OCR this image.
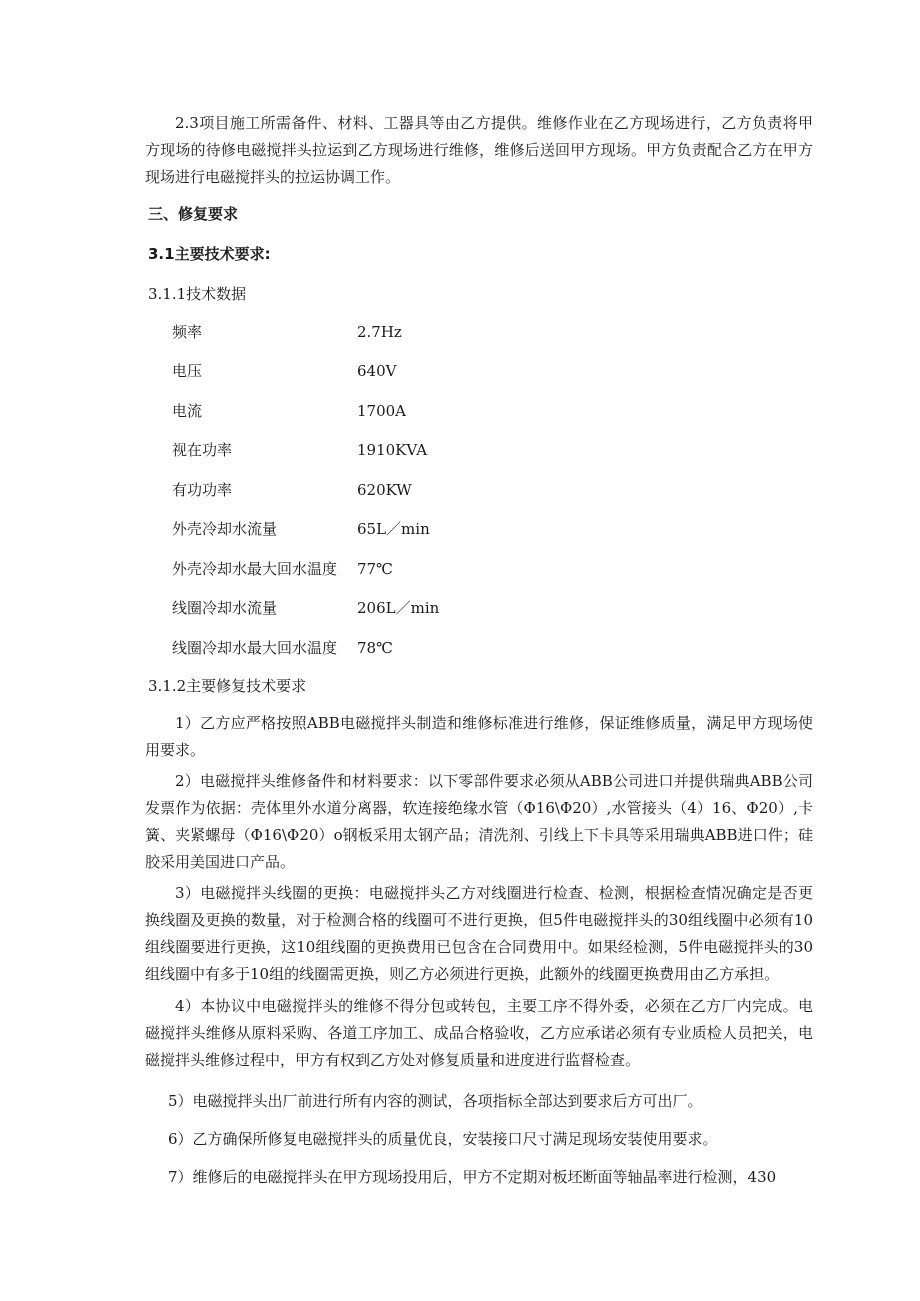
2.3项目施工所需备件、材料、工器具等由乙方提供。维修作业在乙方现场进行，乙方负责将甲方现场的待修电磁搅拌头拉运到乙方现场进行维修，维修后送回甲方现场。甲方负责配合乙方在甲方现场进行电磁搅拌头的拉运协调工作。

三、修复要求

3.1主要技术要求:

3.1.1技术数据

频率	2.7Hz
电压	640V
电流	1700A
视在功率	1910KVA
有功功率	620KW
外壳冷却水流量	65L／min
外壳冷却水最大回水温度 77℃
线圈冷却水流量	206L／min
线圈冷却水最大回水温度 78℃

3.1.2主要修复技术要求

1）乙方应严格按照ABB电磁搅拌头制造和维修标准进行维修，保证维修质量，满足甲方现场使用要求。

2）电磁搅拌头维修备件和材料要求：以下零部件要求必须从ABB公司进口并提供瑞典ABB公司发票作为依据：壳体里外水道分离器，软连接绝缘水管（Φ16\Φ20）,水管接头（4）16、Φ20）,卡簧、夹紧螺母（Φ16\Φ20）o钢板采用太钢产品；清洗剂、引线上下卡具等采用瑞典ABB进口件；硅胶采用美国进口产品。

3）电磁搅拌头线圈的更换：电磁搅拌头乙方对线圈进行检查、检测，根据检查情况确定是否更换线圈及更换的数量，对于检测合格的线圈可不进行更换，但5件电磁搅拌头的30组线圈中必须有10组线圈要进行更换，这10组线圈的更换费用已包含在合同费用中。如果经检测，5件电磁搅拌头的30组线圈中有多于10组的线圈需更换，则乙方必须进行更换，此额外的线圈更换费用由乙方承担。

4）本协议中电磁搅拌头的维修不得分包或转包，主要工序不得外委，必须在乙方厂内完成。电磁搅拌头维修从原料采购、各道工序加工、成品合格验收，乙方应承诺必须有专业质检人员把关，电磁搅拌头维修过程中，甲方有权到乙方处对修复质量和进度进行监督检查。

5）电磁搅拌头出厂前进行所有内容的测试，各项指标全部达到要求后方可出厂。

6）乙方确保所修复电磁搅拌头的质量优良，安装接口尺寸满足现场安装使用要求。

7）维修后的电磁搅拌头在甲方现场投用后，甲方不定期对板坯断面等轴晶率进行检测，430
